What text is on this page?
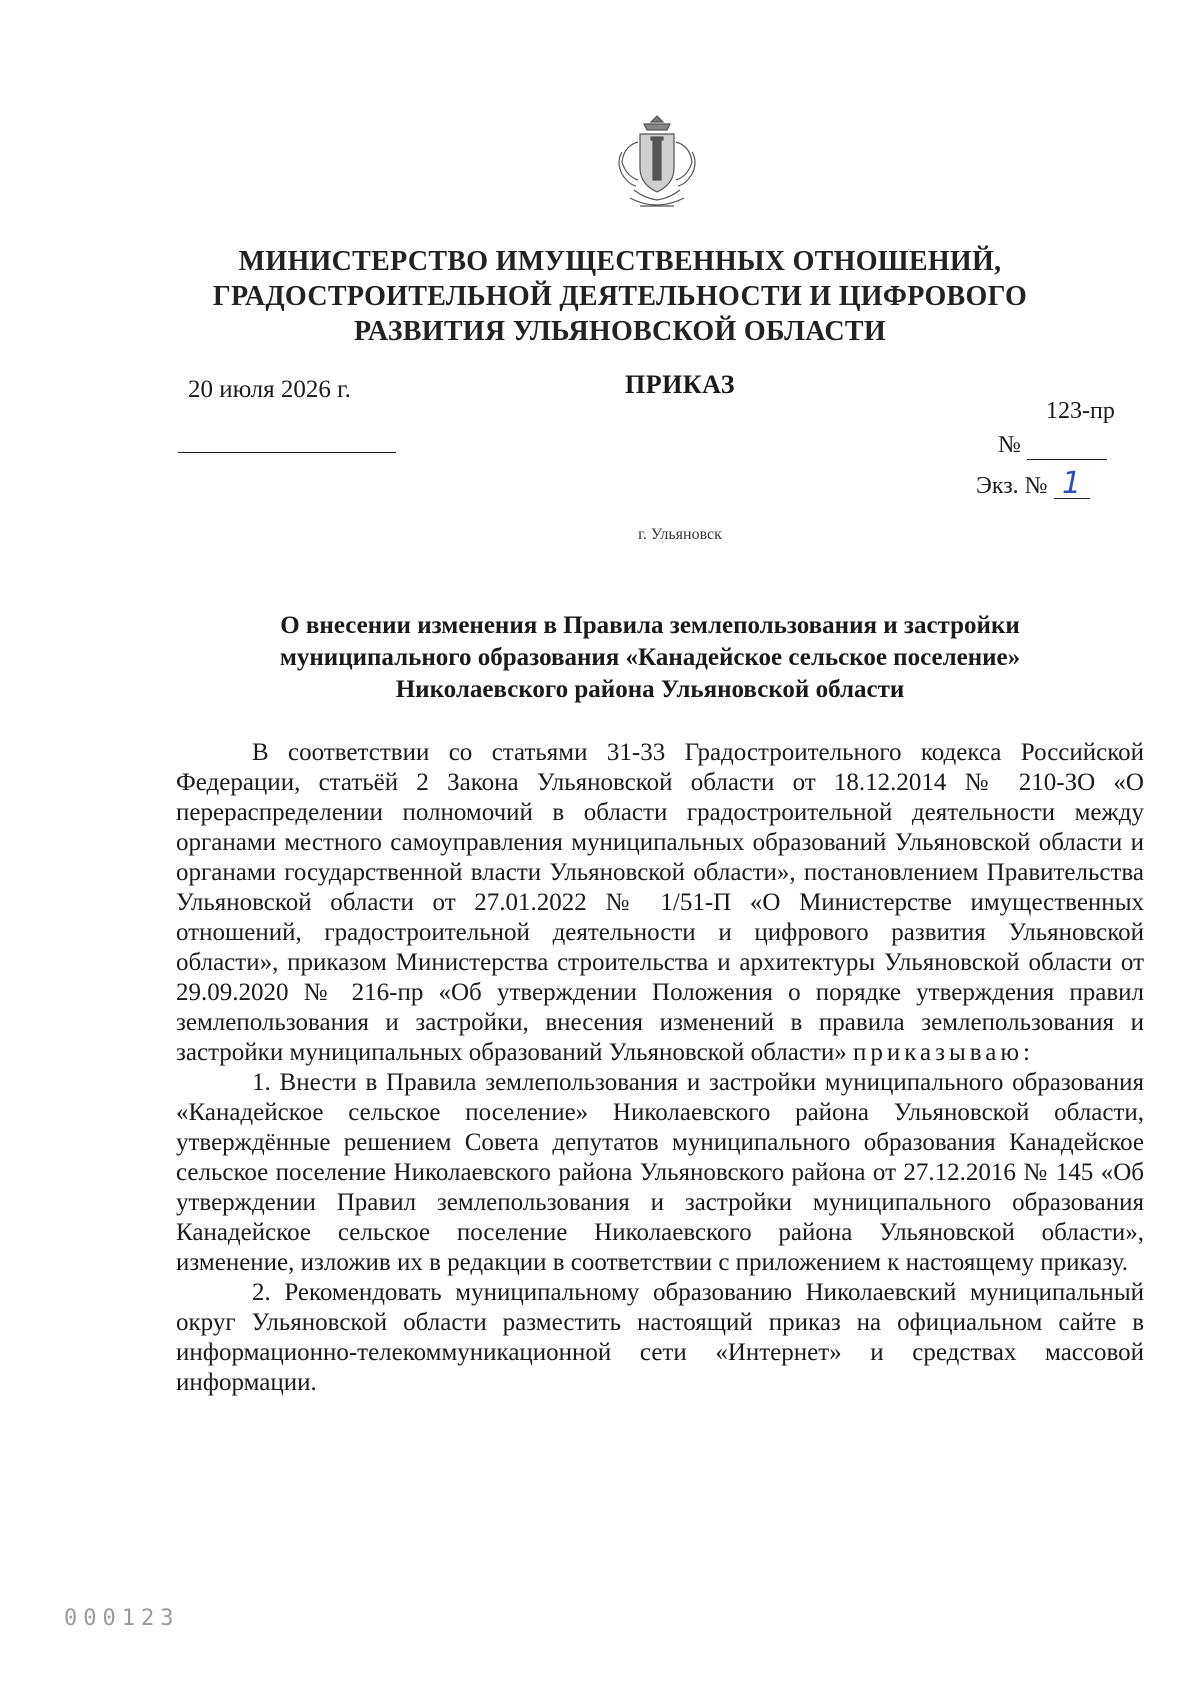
МИНИСТЕРСТВО ИМУЩЕСТВЕННЫХ ОТНОШЕНИЙ,
ГРАДОСТРОИТЕЛЬНОЙ ДЕЯТЕЛЬНОСТИ И ЦИФРОВОГО
РАЗВИТИЯ УЛЬЯНОВСКОЙ ОБЛАСТИ
20 июля 2026 г.	ПРИКАЗ
123-пр
№
Экз. № 1
г. Ульяновск
О внесении изменения в Правила землепользования и застройки
муниципального образования «Канадейское сельское поселение»
Николаевского района Ульяновской области

В соответствии со статьями 31-33 Градостроительного кодекса Российской Федерации, статьёй 2 Закона Ульяновской области от 18.12.2014 № 210-ЗО «О перераспределении полномочий в области градостроительной деятельности между органами местного самоуправления муниципальных образований Ульяновской области и органами государственной власти Ульяновской области», постановлением Правительства Ульяновской области от 27.01.2022 № 1/51-П «О Министерстве имущественных отношений, градостроительной деятельности и цифрового развития Ульяновской области», приказом Министерства строительства и архитектуры Ульяновской области от 29.09.2020 № 216-пр «Об утверждении Положения о порядке утверждения правил землепользования и застройки, внесения изменений в правила землепользования и застройки муниципальных образований Ульяновской области» приказываю:

1. Внести в Правила землепользования и застройки муниципального образования «Канадейское сельское поселение» Николаевского района Ульяновской области, утверждённые решением Совета депутатов муниципального образования Канадейское сельское поселение Николаевского района Ульяновского района от 27.12.2016 № 145 «Об утверждении Правил землепользования и застройки муниципального образования Канадейское сельское поселение Николаевского района Ульяновской области», изменение, изложив их в редакции в соответствии с приложением к настоящему приказу.

2. Рекомендовать муниципальному образованию Николаевский муниципальный округ Ульяновской области разместить настоящий приказ на официальном сайте в информационно-телекоммуникационной сети «Интернет» и средствах массовой информации.

000123
